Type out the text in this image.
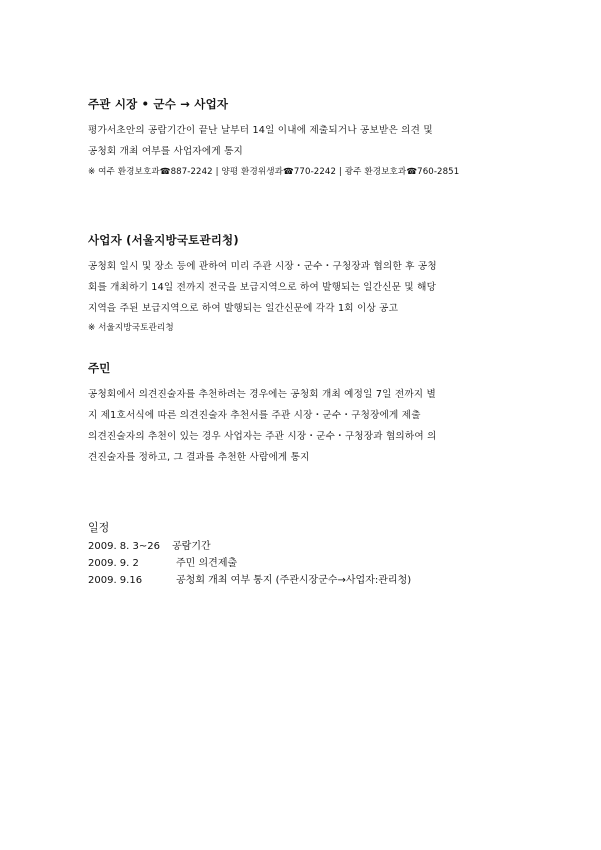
주관 시장 • 군수 → 사업자
평가서초안의 공람기간이 끝난 날부터 14일 이내에 제출되거나 공보받은 의견 및
공청회 개최 여부를 사업자에게 통지
※ 여주 환경보호과☎887-2242 | 양평 환경위생과☎770-2242 | 광주 환경보호과☎760-2851
사업자 (서울지방국토관리청)
공청회 일시 및 장소 등에 관하여 미리 주관 시장・군수・구청장과 협의한 후 공청
회를 개최하기 14일 전까지 전국을 보급지역으로 하여 발행되는 일간신문 및 해당
지역을 주된 보급지역으로 하여 발행되는 일간신문에 각각 1회 이상 공고
※ 서울지방국토관리청
주민
공청회에서 의견진술자를 추천하려는 경우에는 공청회 개최 예정일 7일 전까지 별
지 제1호서식에 따른 의견진술자 추천서를 주관 시장・군수・구청장에게 제출
의견진술자의 추천이 있는 경우 사업자는 주관 시장・군수・구청장과 협의하여 의
견진술자를 정하고, 그 결과를 추천한 사람에게 통지
일정
2009. 8. 3~26 공람기간
2009. 9. 2	주민 의견제출
2009. 9.16	공청회 개최 여부 통지 (주관시장군수→사업자:관리청)
